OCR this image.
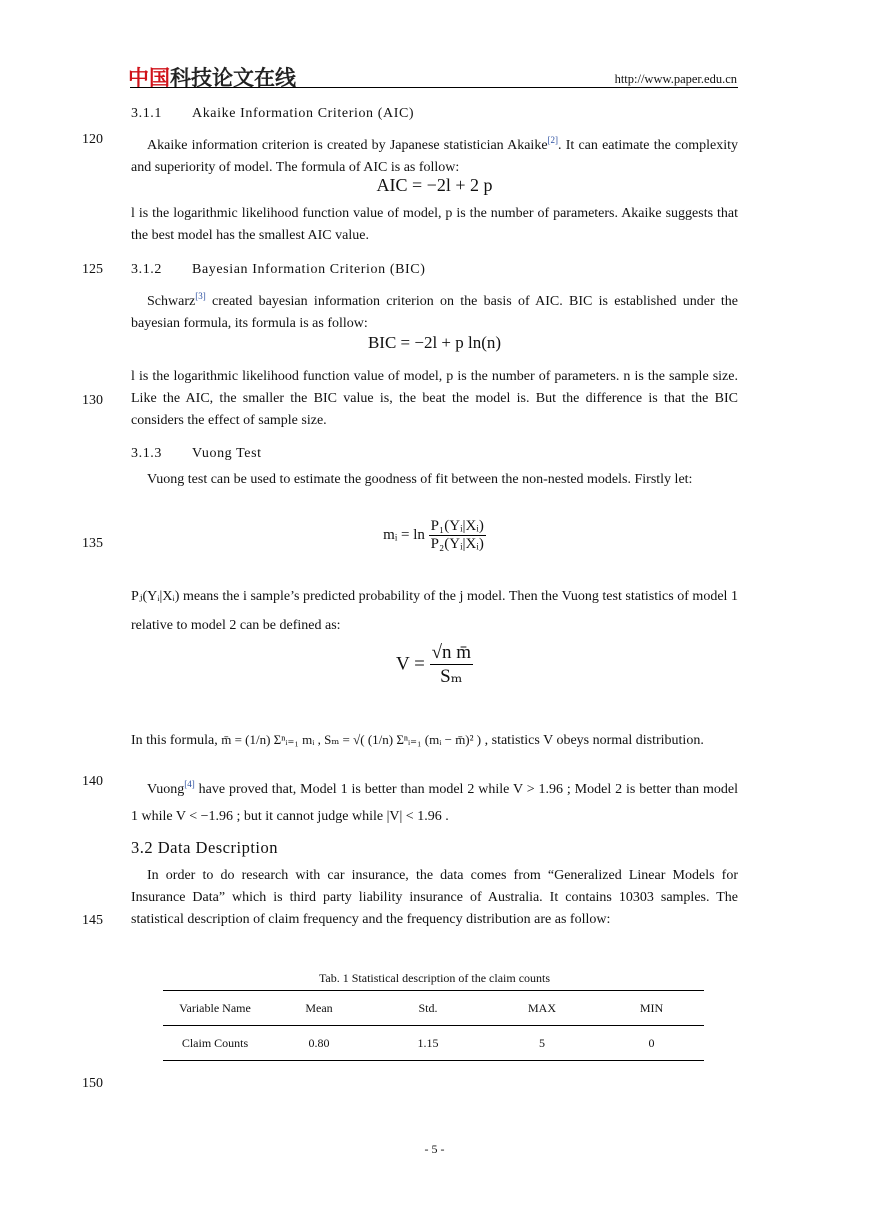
中国科技论文在线	http://www.paper.edu.cn
120
125
130
135
140
145
150
3.1.1 Akaike Information Criterion (AIC)
Akaike information criterion is created by Japanese statistician Akaike[2]. It can eatimate the complexity and superiority of model. The formula of AIC is as follow:
AIC = −2l + 2 p
l is the logarithmic likelihood function value of model, p is the number of parameters. Akaike suggests that the best model has the smallest AIC value.
3.1.2 Bayesian Information Criterion (BIC)
Schwarz[3] created bayesian information criterion on the basis of AIC. BIC is established under the bayesian formula, its formula is as follow:
BIC = −2l + p ln(n)
l is the logarithmic likelihood function value of model, p is the number of parameters. n is the sample size. Like the AIC, the smaller the BIC value is, the beat the model is. But the difference is that the BIC considers the effect of sample size.
3.1.3 Vuong Test
Vuong test can be used to estimate the goodness of fit between the non-nested models. Firstly let:
mᵢ = $\ln \frac{\text{P₁(Yᵢ|Xᵢ)}}{\text{P₂(Yᵢ|Xᵢ)}}$
Pⱼ(Yᵢ|Xᵢ) means the i sample’s predicted probability of the j model. Then the Vuong test statistics of model 1 relative to model 2 can be defined as:
$V = \frac{\text{√n m̄}}{\text{Sₘ}}$
In this formula, m̄ = (1/n) Σⁿᵢ₌₁ mᵢ , Sₘ = √( (1/n) Σⁿᵢ₌₁ (mᵢ − m̄)² ) , statistics V obeys normal distribution.
Vuong[4] have proved that, Model 1 is better than model 2 while V > 1.96 ; Model 2 is better than model 1 while V < −1.96 ; but it cannot judge while |V| < 1.96 .
3.2 Data Description
In order to do research with car insurance, the data comes from “Generalized Linear Models for Insurance Data” which is third party liability insurance of Australia. It contains 10303 samples. The statistical description of claim frequency and the frequency distribution are as follow:
Tab. 1 Statistical description of the claim counts
Variable Name	Mean	Std.	MAX	MIN
Claim Counts	0.80	1.15	5	0
- 5 -
